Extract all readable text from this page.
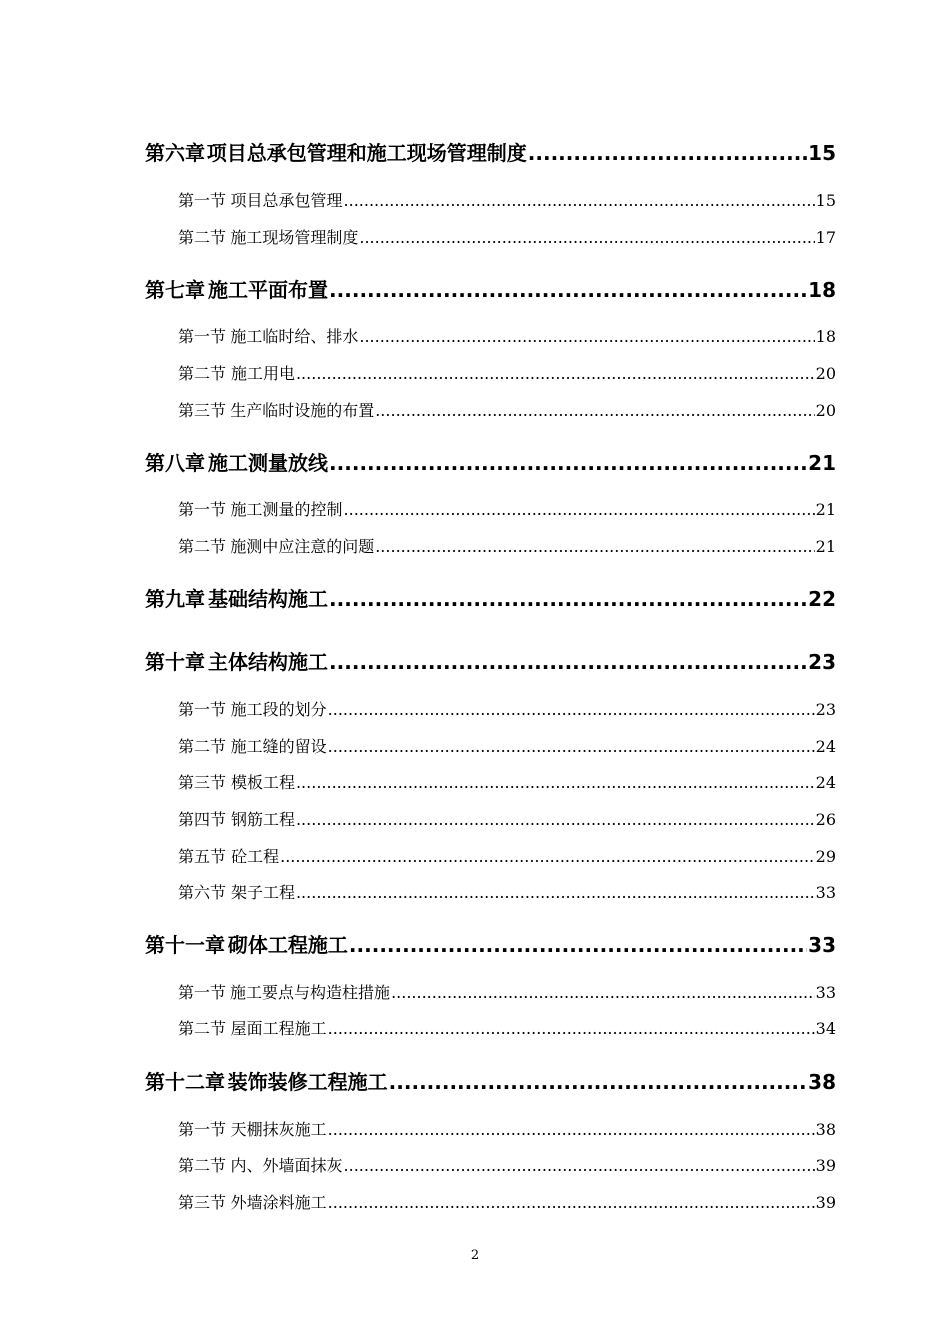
第六章 项目总承包管理和施工现场管理制度 .....	15
第一节 项目总承包管理 .....	15
第二节 施工现场管理制度 .....	17
第七章 施工平面布置 .....	18
第一节 施工临时给、排水 .....	18
第二节 施工用电 .....	20
第三节 生产临时设施的布置 .....	20
第八章 施工测量放线 .....	21
第一节 施工测量的控制 .....	21
第二节 施测中应注意的问题 .....	21
第九章 基础结构施工 .....	22
第十章 主体结构施工 .....	23
第一节 施工段的划分 .....	23
第二节 施工缝的留设 .....	24
第三节 模板工程 .....	24
第四节 钢筋工程 .....	26
第五节 砼工程 .....	29
第六节 架子工程 .....	33
第十一章 砌体工程施工 .....	33
第一节 施工要点与构造柱措施 .....	33
第二节 屋面工程施工 .....	34
第十二章 装饰装修工程施工 .....	38
第一节 天棚抹灰施工 .....	38
第二节 内、外墙面抹灰 .....	39
第三节 外墙涂料施工 .....	39
2
